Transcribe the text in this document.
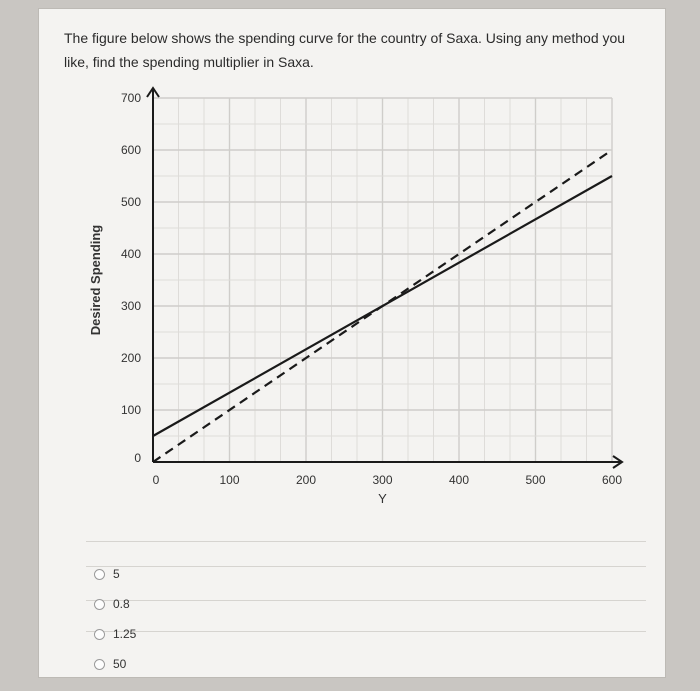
The figure below shows the spending curve for the country of Saxa. Using any method you like, find the spending multiplier in Saxa.
0	100	200	300	400	500	600
0
100
200
300
400
500
600
700
Y
Desired Spending
5
0.8
1.25
50
